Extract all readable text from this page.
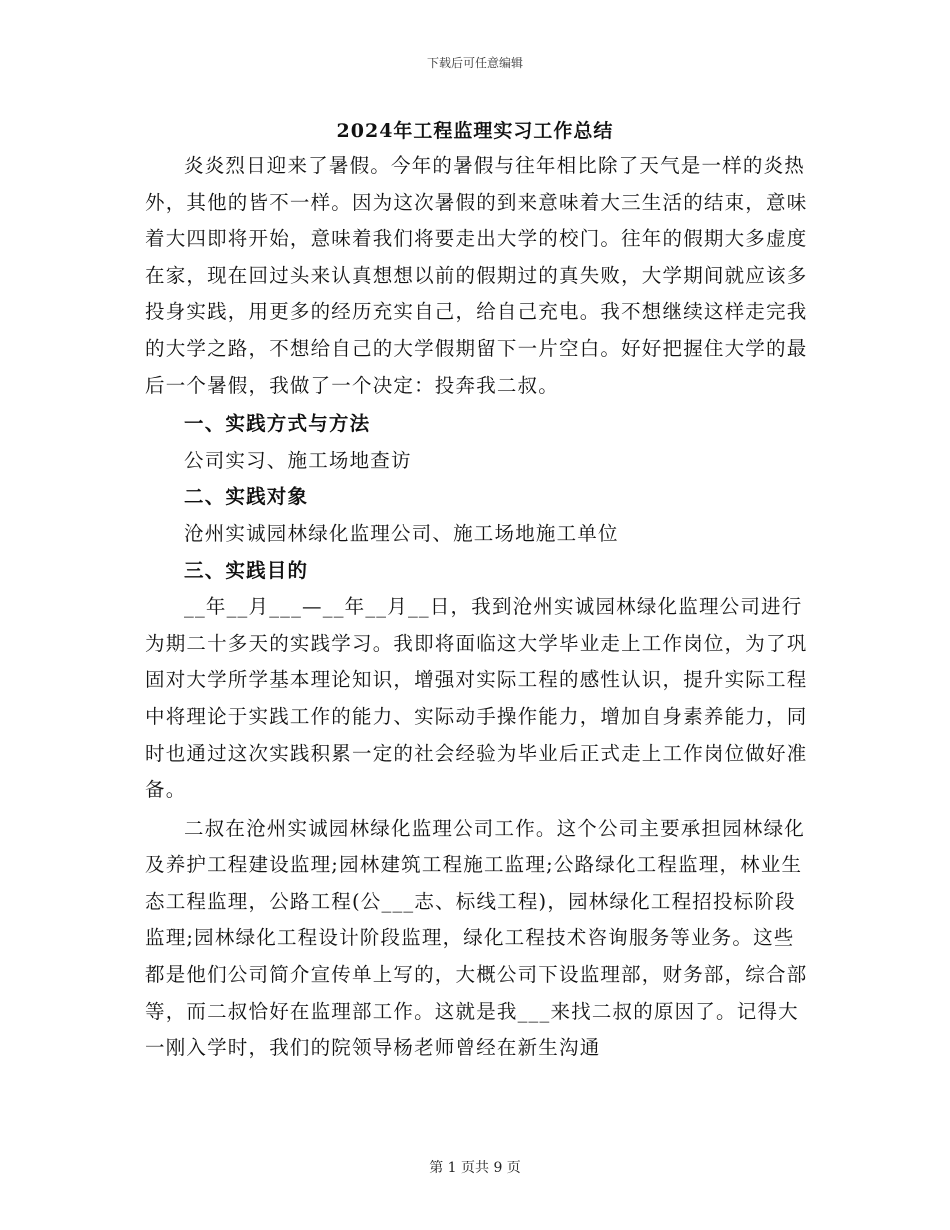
下载后可任意编辑
2024年工程监理实习工作总结

炎炎烈日迎来了暑假。今年的暑假与往年相比除了天气是一样的炎热外，其他的皆不一样。因为这次暑假的到来意味着大三生活的结束，意味着大四即将开始，意味着我们将要走出大学的校门。往年的假期大多虚度在家，现在回过头来认真想想以前的假期过的真失败，大学期间就应该多投身实践，用更多的经历充实自己，给自己充电。我不想继续这样走完我的大学之路，不想给自己的大学假期留下一片空白。好好把握住大学的最后一个暑假，我做了一个决定：投奔我二叔。

一、实践方式与方法

公司实习、施工场地查访

二、实践对象

沧州实诚园林绿化监理公司、施工场地施工单位

三、实践目的

__年__月___—__年__月__日，我到沧州实诚园林绿化监理公司进行为期二十多天的实践学习。我即将面临这大学毕业走上工作岗位，为了巩固对大学所学基本理论知识，增强对实际工程的感性认识，提升实际工程中将理论于实践工作的能力、实际动手操作能力，增加自身素养能力，同时也通过这次实践积累一定的社会经验为毕业后正式走上工作岗位做好准备。

二叔在沧州实诚园林绿化监理公司工作。这个公司主要承担园林绿化及养护工程建设监理;园林建筑工程施工监理;公路绿化工程监理，林业生态工程监理，公路工程(公___志、标线工程)，园林绿化工程招投标阶段监理;园林绿化工程设计阶段监理，绿化工程技术咨询服务等业务。这些都是他们公司简介宣传单上写的，大概公司下设监理部，财务部，综合部等，而二叔恰好在监理部工作。这就是我___来找二叔的原因了。记得大一刚入学时，我们的院领导杨老师曾经在新生沟通

第 1 页共 9 页
